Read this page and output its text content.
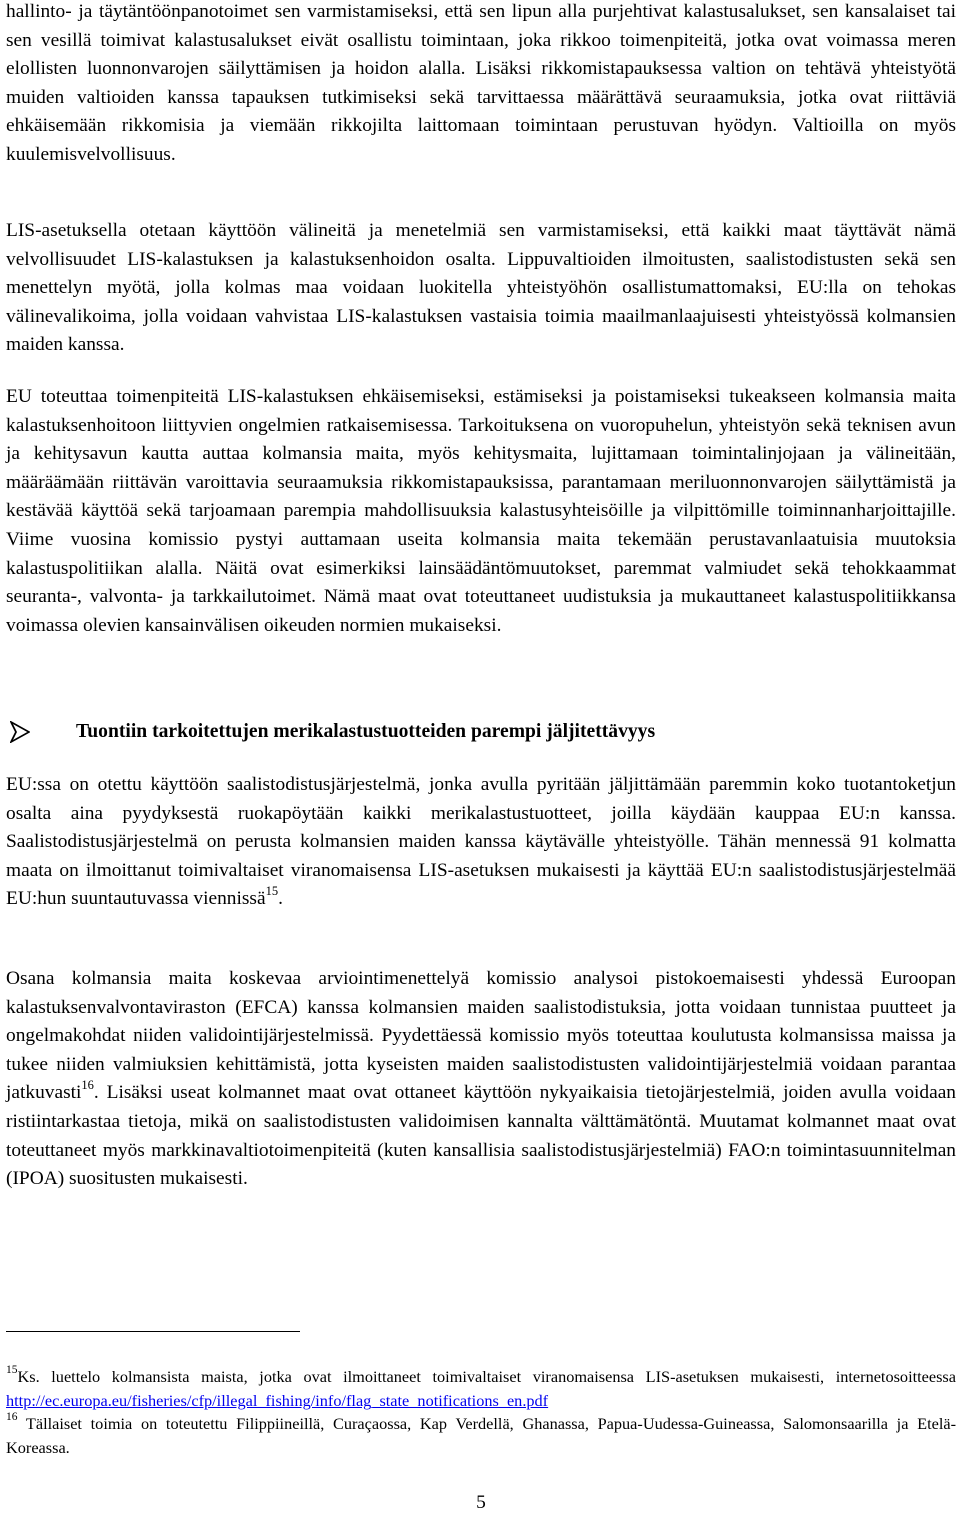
hallinto- ja täytäntöönpanotoimet sen varmistamiseksi, että sen lipun alla purjehtivat kalastusalukset, sen kansalaiset tai sen vesillä toimivat kalastusalukset eivät osallistu toimintaan, joka rikkoo toimenpiteitä, jotka ovat voimassa meren elollisten luonnonvarojen säilyttämisen ja hoidon alalla. Lisäksi rikkomistapauksessa valtion on tehtävä yhteistyötä muiden valtioiden kanssa tapauksen tutkimiseksi sekä tarvittaessa määrättävä seuraamuksia, jotka ovat riittäviä ehkäisemään rikkomisia ja viemään rikkojilta laittomaan toimintaan perustuvan hyödyn. Valtioilla on myös kuulemisvelvollisuus.

LIS-asetuksella otetaan käyttöön välineitä ja menetelmiä sen varmistamiseksi, että kaikki maat täyttävät nämä velvollisuudet LIS-kalastuksen ja kalastuksenhoidon osalta. Lippuvaltioiden ilmoitusten, saalistodistusten sekä sen menettelyn myötä, jolla kolmas maa voidaan luokitella yhteistyöhön osallistumattomaksi, EU:lla on tehokas välinevalikoima, jolla voidaan vahvistaa LIS-kalastuksen vastaisia toimia maailmanlaajuisesti yhteistyössä kolmansien maiden kanssa.

EU toteuttaa toimenpiteitä LIS-kalastuksen ehkäisemiseksi, estämiseksi ja poistamiseksi tukeakseen kolmansia maita kalastuksenhoitoon liittyvien ongelmien ratkaisemisessa. Tarkoituksena on vuoropuhelun, yhteistyön sekä teknisen avun ja kehitysavun kautta auttaa kolmansia maita, myös kehitysmaita, lujittamaan toimintalinjojaan ja välineitään, määräämään riittävän varoittavia seuraamuksia rikkomistapauksissa, parantamaan meriluonnonvarojen säilyttämistä ja kestävää käyttöä sekä tarjoamaan parempia mahdollisuuksia kalastusyhteisöille ja vilpittömille toiminnanharjoittajille. Viime vuosina komissio pystyi auttamaan useita kolmansia maita tekemään perustavanlaatuisia muutoksia kalastuspolitiikan alalla. Näitä ovat esimerkiksi lainsäädäntömuutokset, paremmat valmiudet sekä tehokkaammat seuranta-, valvonta- ja tarkkailutoimet. Nämä maat ovat toteuttaneet uudistuksia ja mukauttaneet kalastuspolitiikkansa voimassa olevien kansainvälisen oikeuden normien mukaiseksi.

Tuontiin tarkoitettujen merikalastustuotteiden parempi jäljitettävyys

EU:ssa on otettu käyttöön saalistodistusjärjestelmä, jonka avulla pyritään jäljittämään paremmin koko tuotantoketjun osalta aina pyydyksestä ruokapöytään kaikki merikalastustuotteet, joilla käydään kauppaa EU:n kanssa. Saalistodistusjärjestelmä on perusta kolmansien maiden kanssa käytävälle yhteistyölle. Tähän mennessä 91 kolmatta maata on ilmoittanut toimivaltaiset viranomaisensa LIS-asetuksen mukaisesti ja käyttää EU:n saalistodistusjärjestelmää EU:hun suuntautuvassa viennissä$^{15}$.

Osana kolmansia maita koskevaa arviointimenettelyä komissio analysoi pistokoemaisesti yhdessä Euroopan kalastuksenvalvontaviraston (EFCA) kanssa kolmansien maiden saalistodistuksia, jotta voidaan tunnistaa puutteet ja ongelmakohdat niiden validointijärjestelmissä. Pyydettäessä komissio myös toteuttaa koulutusta kolmansissa maissa ja tukee niiden valmiuksien kehittämistä, jotta kyseisten maiden saalistodistusten validointijärjestelmiä voidaan parantaa jatkuvasti$^{16}$. Lisäksi useat kolmannet maat ovat ottaneet käyttöön nykyaikaisia tietojärjestelmiä, joiden avulla voidaan ristiintarkastaa tietoja, mikä on saalistodistusten validoimisen kannalta välttämätöntä. Muutamat kolmannet maat ovat toteuttaneet myös markkinavaltiotoimenpiteitä (kuten kansallisia saalistodistusjärjestelmiä) FAO:n toimintasuunnitelman (IPOA) suositusten mukaisesti.

$^{15}$Ks. luettelo kolmansista maista, jotka ovat ilmoittaneet toimivaltaiset viranomaisensa LIS-asetuksen mukaisesti, internetosoitteessa http://ec.europa.eu/fisheries/cfp/illegal_fishing/info/flag_state_notifications_en.pdf

$^{16}$ Tällaiset toimia on toteutettu Filippiineillä, Curaçaossa, Kap Verdellä, Ghanassa, Papua-Uudessa-Guineassa, Salomonsaarilla ja Etelä-Koreassa.

5
